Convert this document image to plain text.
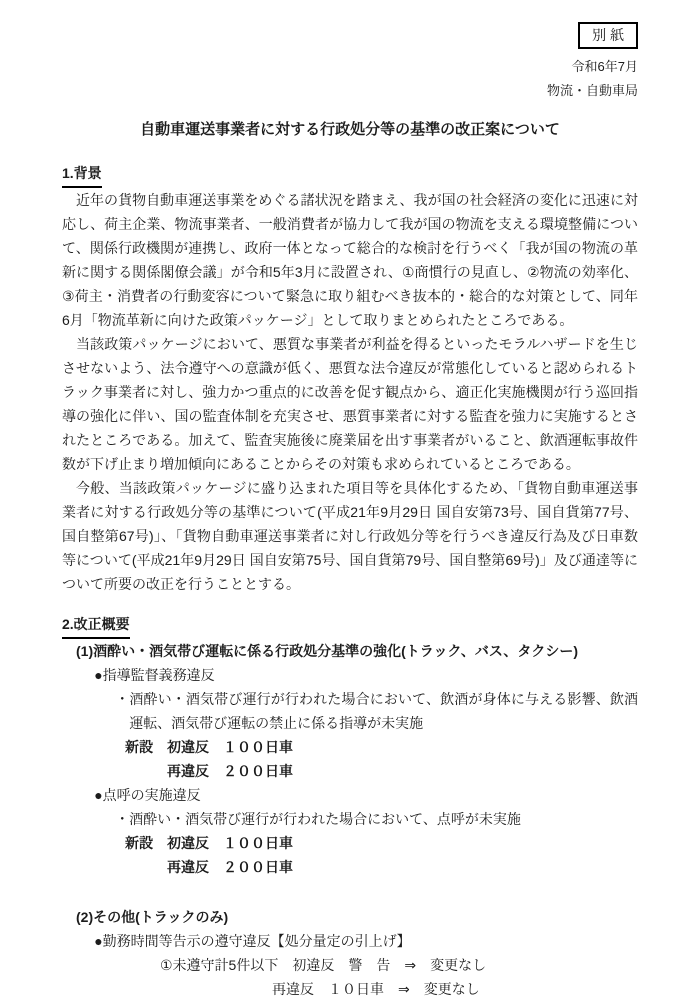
別 紙
令和6年7月
物流・自動車局
自動車運送事業者に対する行政処分等の基準の改正案について
1.背景

近年の貨物自動車運送事業をめぐる諸状況を踏まえ、我が国の社会経済の変化に迅速に対応し、荷主企業、物流事業者、一般消費者が協力して我が国の物流を支える環境整備について、関係行政機関が連携し、政府一体となって総合的な検討を行うべく「我が国の物流の革新に関する関係閣僚会議」が令和5年3月に設置され、①商慣行の見直し、②物流の効率化、③荷主・消費者の行動変容について緊急に取り組むべき抜本的・総合的な対策として、同年6月「物流革新に向けた政策パッケージ」として取りまとめられたところである。

当該政策パッケージにおいて、悪質な事業者が利益を得るといったモラルハザードを生じさせないよう、法令遵守への意識が低く、悪質な法令違反が常態化していると認められるトラック事業者に対し、強力かつ重点的に改善を促す観点から、適正化実施機関が行う巡回指導の強化に伴い、国の監査体制を充実させ、悪質事業者に対する監査を強力に実施するとされたところである。加えて、監査実施後に廃業届を出す事業者がいること、飲酒運転事故件数が下げ止まり増加傾向にあることからその対策も求められているところである。

今般、当該政策パッケージに盛り込まれた項目等を具体化するため、「貨物自動車運送事業者に対する行政処分等の基準について(平成21年9月29日 国自安第73号、国自貨第77号、国自整第67号)」、「貨物自動車運送事業者に対し行政処分等を行うべき違反行為及び日車数等について(平成21年9月29日 国自安第75号、国自貨第79号、国自整第69号)」及び通達等について所要の改正を行うこととする。

2.改正概要
(1)酒酔い・酒気帯び運転に係る行政処分基準の強化(トラック、バス、タクシー)
●指導監督義務違反
・酒酔い・酒気帯び運行が行われた場合において、飲酒が身体に与える影響、飲酒運転、酒気帯び運転の禁止に係る指導が未実施
新設　初違反　１００日車
再違反　２００日車
●点呼の実施違反
・酒酔い・酒気帯び運行が行われた場合において、点呼が未実施
新設　初違反　１００日車
再違反　２００日車
(2)その他(トラックのみ)
●勤務時間等告示の遵守違反【処分量定の引上げ】
①未遵守計5件以下　初違反　警　告　⇒　変更なし
再違反　１０日車　⇒　変更なし
